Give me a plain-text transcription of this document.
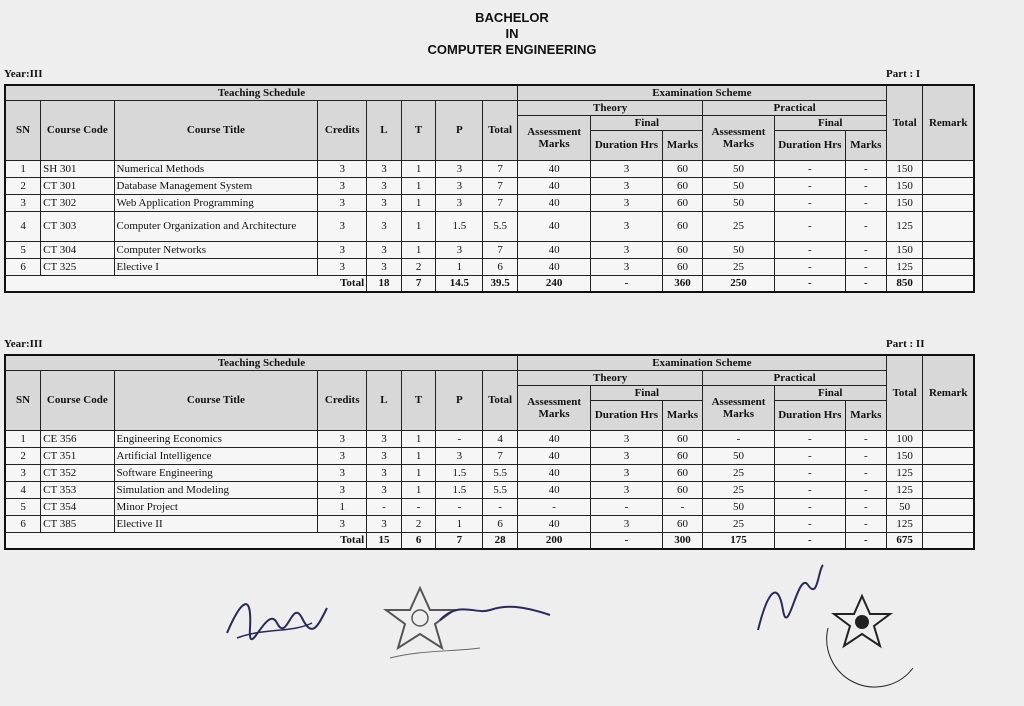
BACHELOR
IN
COMPUTER ENGINEERING
Year:III	Part : I
Teaching Schedule								Examination Scheme						Total	Remark
SN	Course Code	Course Title	Credits	L	T	P	Total	Theory			Practical				
								Assessment Marks	Final		Assessment Marks	Final			
									Duration Hrs	Marks		Duration Hrs	Marks		
1	SH 301	Numerical Methods	3	3	1	3	7	40	3	60	50	-	-	150	
2	CT 301	Database Management System	3	3	1	3	7	40	3	60	50	-	-	150	
3	CT 302	Web Application Programming	3	3	1	3	7	40	3	60	50	-	-	150	
4	CT 303	Computer Organization and Architecture	3	3	1	1.5	5.5	40	3	60	25	-	-	125	
5	CT 304	Computer Networks	3	3	1	3	7	40	3	60	50	-	-	150	
6	CT 325	Elective I	3	3	2	1	6	40	3	60	25	-	-	125	
Total				18	7	14.5	39.5	240	-	360	250	-	-	850	
Year:III	Part : II
Teaching Schedule								Examination Scheme						Total	Remark
SN	Course Code	Course Title	Credits	L	T	P	Total	Theory			Practical				
								Assessment Marks	Final		Assessment Marks	Final			
									Duration Hrs	Marks		Duration Hrs	Marks		
1	CE 356	Engineering Economics	3	3	1	-	4	40	3	60	-	-	-	100	
2	CT 351	Artificial Intelligence	3	3	1	3	7	40	3	60	50	-	-	150	
3	CT 352	Software Engineering	3	3	1	1.5	5.5	40	3	60	25	-	-	125	
4	CT 353	Simulation and Modeling	3	3	1	1.5	5.5	40	3	60	25	-	-	125	
5	CT 354	Minor Project	1	-	-	-	-	-	-	-	50	-	-	50	
6	CT 385	Elective II	3	3	2	1	6	40	3	60	25	-	-	125	
Total				15	6	7	28	200	-	300	175	-	-	675	
